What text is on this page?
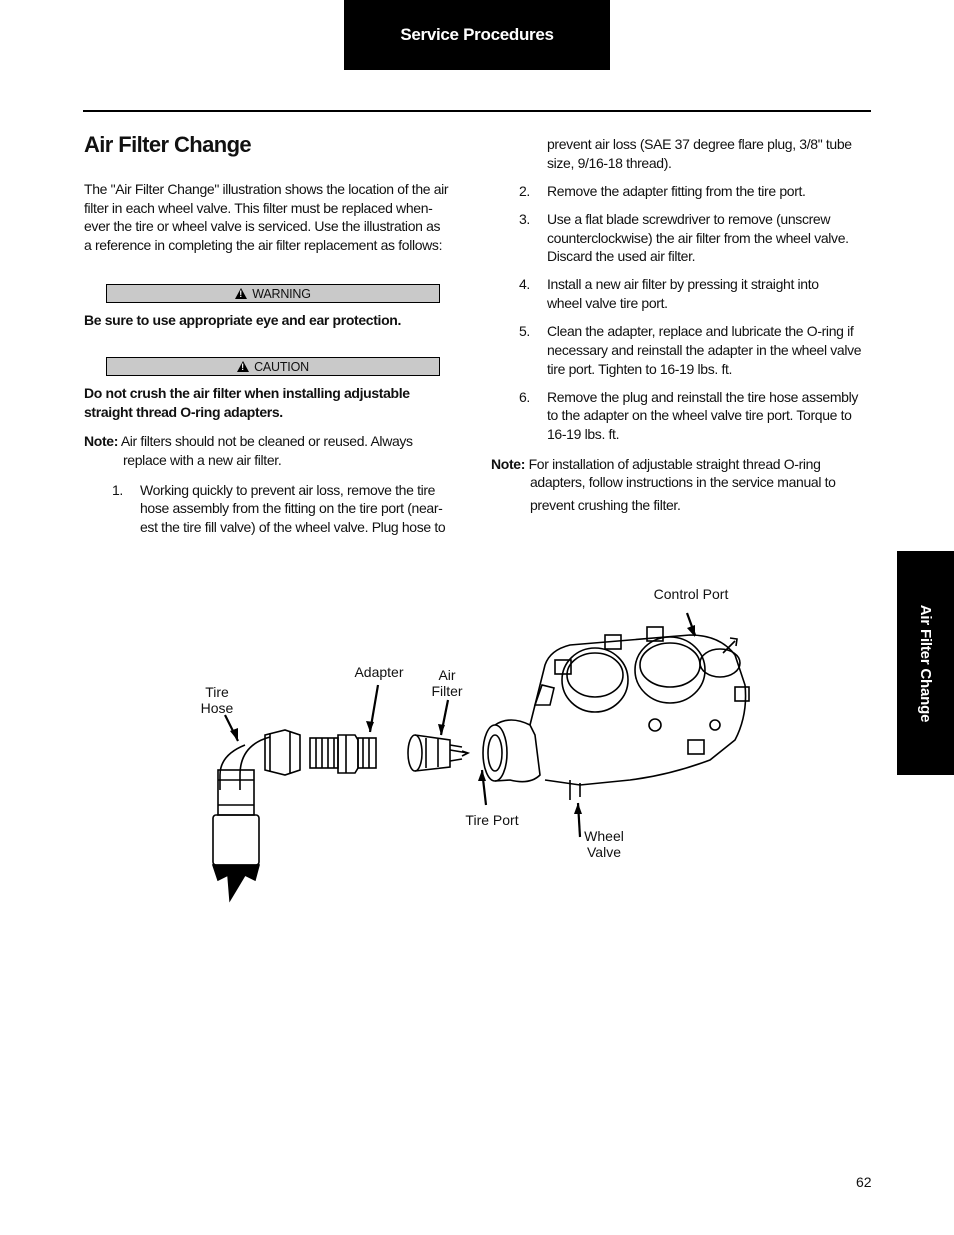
Service Procedures
Air Filter Change

The "Air Filter Change" illustration shows the location of the air

filter in each wheel valve. This filter must be replaced when-

ever the tire or wheel valve is serviced. Use the illustration as

a reference in completing the air filter replacement as follows:

!
WARNING

Be sure to use appropriate eye and ear protection.

!
CAUTION

Do not crush the air filter when installing adjustable

straight thread O-ring adapters.

Note: Air filters should not be cleaned or reused. Always

replace with a new air filter.

1. Working quickly to prevent air loss, remove the tire

hose assembly from the fitting on the tire port (near-

est the tire fill valve) of the wheel valve. Plug hose to

prevent air loss (SAE 37 degree flare plug, 3/8" tube

size, 9/16-18 thread).

2. Remove the adapter fitting from the tire port.

3. Use a flat blade screwdriver to remove (unscrew

counterclockwise) the air filter from the wheel valve.

Discard the used air filter.

4. Install a new air filter by pressing it straight into

wheel valve tire port.

5. Clean the adapter, replace and lubricate the O-ring if

necessary and reinstall the adapter in the wheel valve

tire port. Tighten to 16-19 lbs. ft.

6. Remove the plug and reinstall the tire hose assembly

to the adapter on the wheel valve tire port. Torque to

16-19 lbs. ft.

Note: For installation of adjustable straight thread O-ring

adapters, follow instructions in the service manual to

prevent crushing the filter.

Control Port
Adapter Air
Filter
Tire
Hose
Tire Port
Wheel
Valve
Air Filter Change
62
